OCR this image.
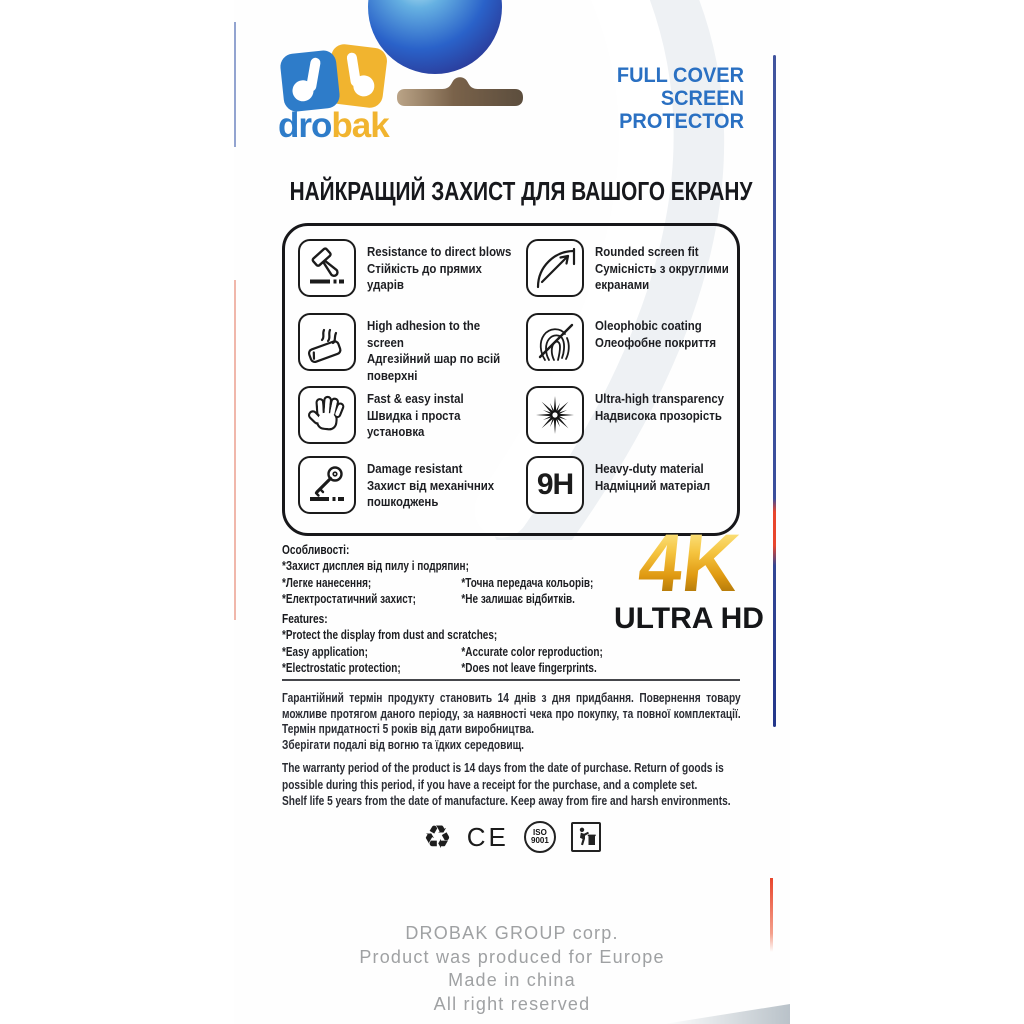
drobak
FULL COVER
SCREEN
PROTECTOR
НАЙКРАЩИЙ ЗАХИСТ ДЛЯ ВАШОГО ЕКРАНУ
Resistance to direct blows
Стійкість до прямих ударів
Rounded screen fit
Сумісність з округлими екранами
High adhesion to the screen
Адгезійний шар по всій поверхні
Oleophobic coating
Олеофобне покриття
Fast & easy instal
Швидка і проста установка
Ultra-high transparency
Надвисока прозорість
Damage resistant
Захист від механічних пошкоджень
9H Heavy-duty material
Надміцний матеріал
Особливості:
*Захист дисплея від пилу і подряпин;
*Легке нанесення;
*Електростатичний захист;
*Точна передача кольорів;
*Не залишає відбитків.
Features:
*Protect the display from dust and scratches;
*Easy application;
*Electrostatic protection;
*Accurate color reproduction;
*Does not leave fingerprints.
4K
ULTRA HD

Гарантійний термін продукту становить 14 днів з дня придбання. Повернення товару можливе протягом даного періоду, за наявності чека про покупку, та повної комплектації. Термін придатності 5 років від дати виробництва.

Зберігати подалі від вогню та їдких середовищ.

The warranty period of the product is 14 days from the date of purchase. Return of goods is possible during this period, if you have a receipt for the purchase, and a complete set.

Shelf life 5 years from the date of manufacture. Keep away from fire and harsh environments.

♻ CE	ISO
9001
DROBAK GROUP corp.
Product was produced for Europe
Made in china
All right reserved
